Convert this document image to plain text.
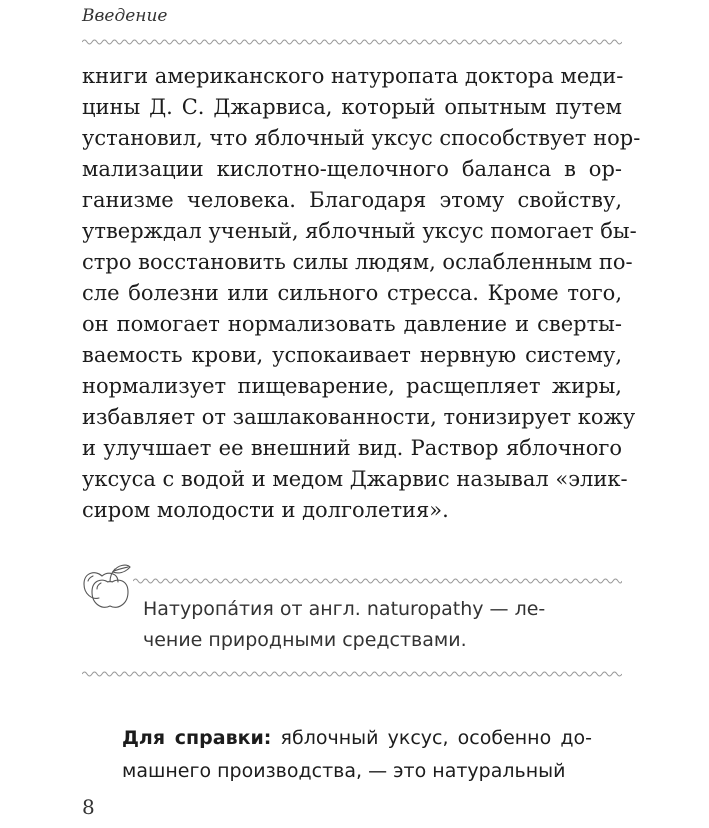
Введение
книги американского натуропата доктора меди-
цины Д. С. Джарвиса, который опытным путем
установил, что яблочный уксус способствует нор-
мализации кислотно-щелочного баланса в ор-
ганизме человека. Благодаря этому свойству,
утверждал ученый, яблочный уксус помогает бы-
стро восстановить силы людям, ослабленным по-
сле болезни или сильного стресса. Кроме того,
он помогает нормализовать давление и сверты-
ваемость крови, успокаивает нервную систему,
нормализует пищеварение, расщепляет жиры,
избавляет от зашлакованности, тонизирует кожу
и улучшает ее внешний вид. Раствор яблочного
уксуса с водой и медом Джарвис называл «элик-
сиром молодости и долголетия».
Натуропа́тия от англ. naturopathy — ле-
чение природными средствами.
Для справки: яблочный уксус, особенно до-
машнего производства, — это натуральный
8
